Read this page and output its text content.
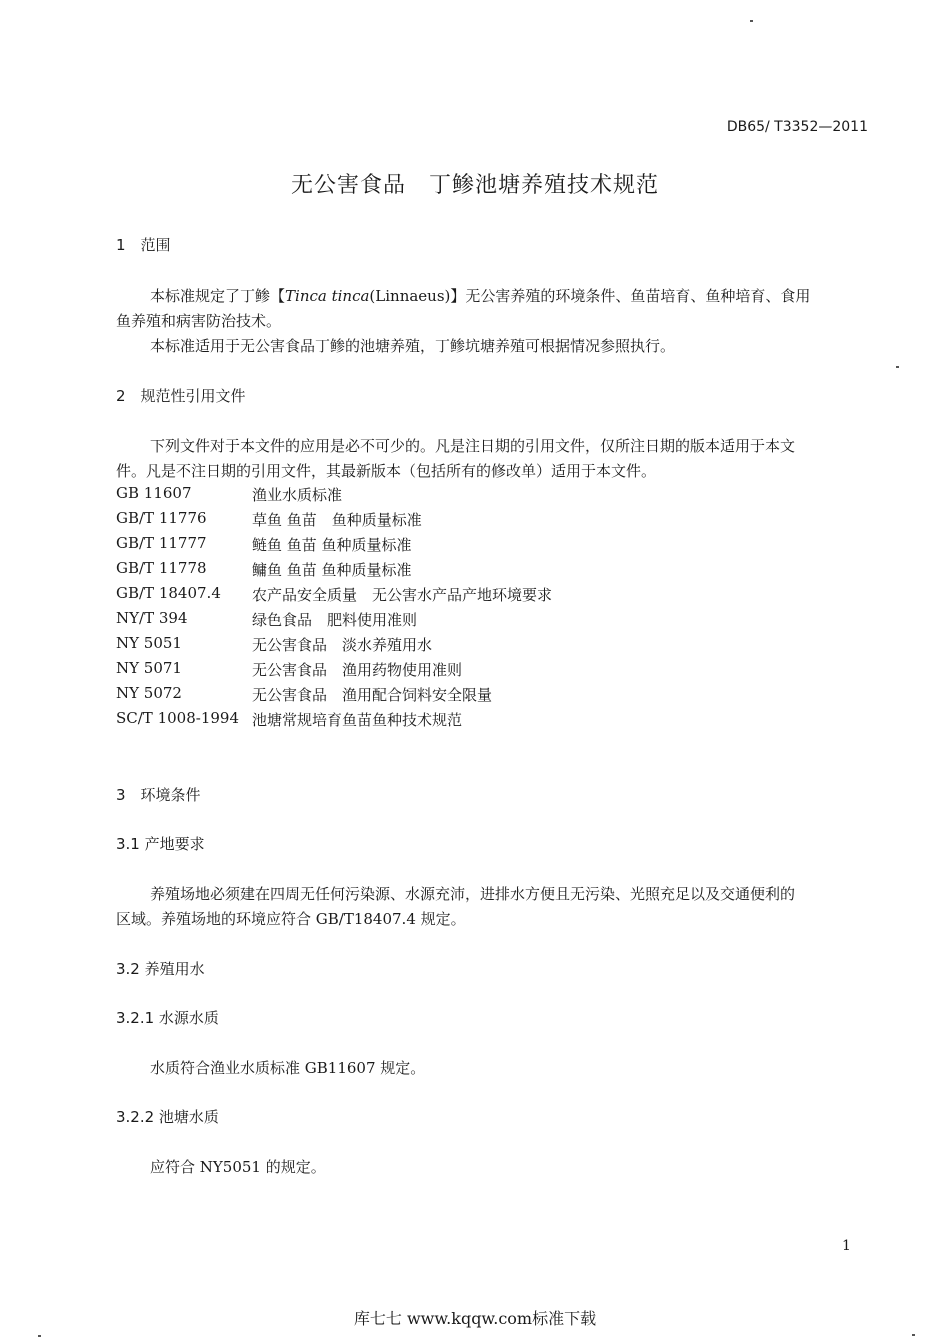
DB65/ T3352—2011
无公害食品　丁鲹池塘养殖技术规范
1　范围
本标准规定了丁鲹【Tinca tinca(Linnaeus)】无公害养殖的环境条件、鱼苗培育、鱼种培育、食用
鱼养殖和病害防治技术。
本标准适用于无公害食品丁鲹的池塘养殖，丁鲹坑塘养殖可根据情况参照执行。
2　规范性引用文件
下列文件对于本文件的应用是必不可少的。凡是注日期的引用文件，仅所注日期的版本适用于本文
件。凡是不注日期的引用文件，其最新版本（包括所有的修改单）适用于本文件。
GB 11607	渔业水质标准
GB/T 11776	草鱼 鱼苗　鱼种质量标准
GB/T 11777	鲢鱼 鱼苗 鱼种质量标准
GB/T 11778	鳙鱼 鱼苗 鱼种质量标准
GB/T 18407.4 农产品安全质量　无公害水产品产地环境要求
NY/T 394	绿色食品　肥料使用准则
NY 5051	无公害食品　淡水养殖用水
NY 5071	无公害食品　渔用药物使用准则
NY 5072	无公害食品　渔用配合饲料安全限量
SC/T 1008-1994 池塘常规培育鱼苗鱼种技术规范
3　环境条件
3.1 产地要求
养殖场地必须建在四周无任何污染源、水源充沛，进排水方便且无污染、光照充足以及交通便利的
区域。养殖场地的环境应符合 GB/T18407.4 规定。
3.2 养殖用水
3.2.1 水源水质
水质符合渔业水质标准 GB11607 规定。
3.2.2 池塘水质
应符合 NY5051 的规定。
1
库七七 www.kqqw.com标准下载
